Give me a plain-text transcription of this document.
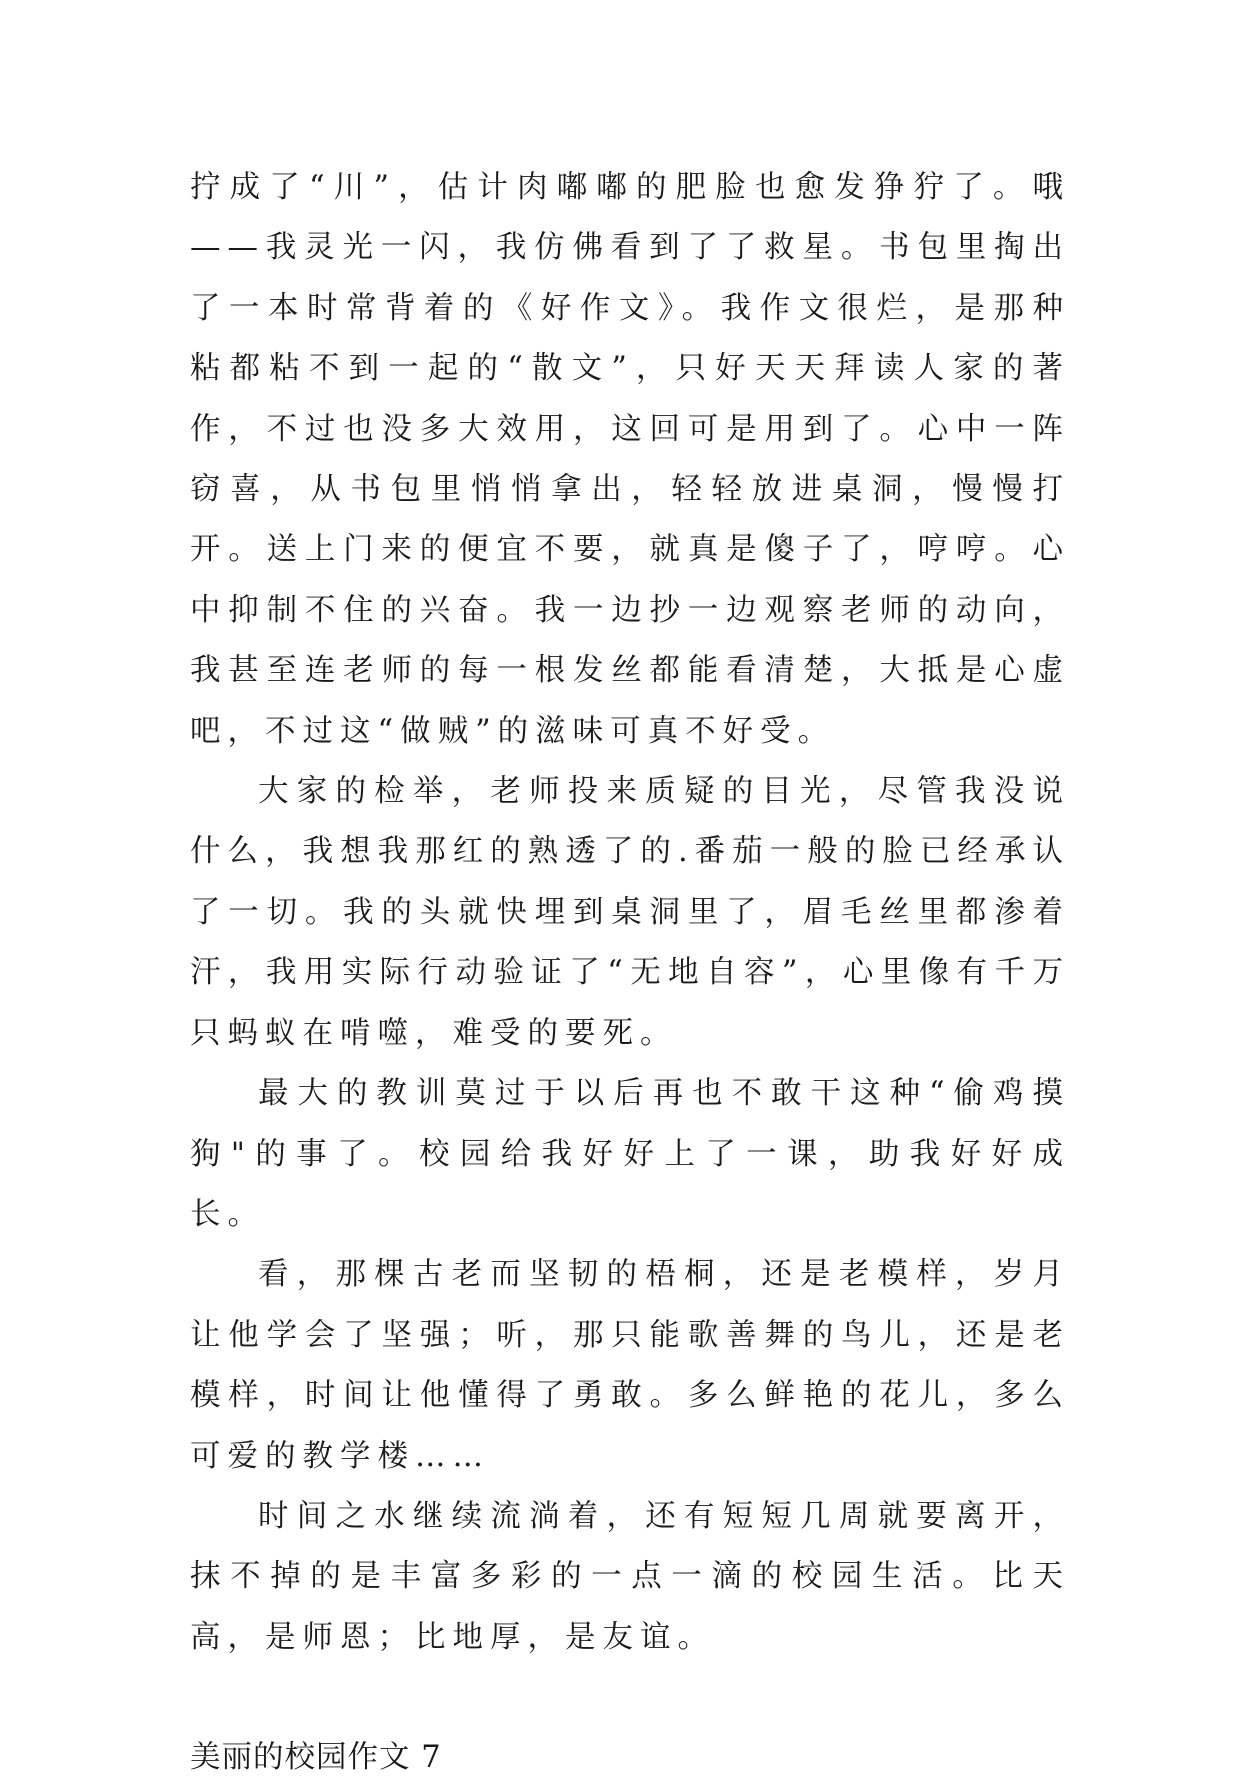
拧成了“川”，估计肉嘟嘟的肥脸也愈发狰狞了。哦——我灵光一闪，我仿佛看到了了救星。书包里掏出了一本时常背着的《好作文》。我作文很烂，是那种粘都粘不到一起的“散文”，只好天天拜读人家的著作，不过也没多大效用，这回可是用到了。心中一阵窃喜，从书包里悄悄拿出，轻轻放进桌洞，慢慢打开。送上门来的便宜不要，就真是傻子了，哼哼。心中抑制不住的兴奋。我一边抄一边观察老师的动向，我甚至连老师的每一根发丝都能看清楚，大抵是心虚吧，不过这“做贼”的滋味可真不好受。

大家的检举，老师投来质疑的目光，尽管我没说什么，我想我那红的熟透了的.番茄一般的脸已经承认了一切。我的头就快埋到桌洞里了，眉毛丝里都渗着汗，我用实际行动验证了“无地自容”，心里像有千万只蚂蚁在啃噬，难受的要死。

最大的教训莫过于以后再也不敢干这种“偷鸡摸狗"的事了。校园给我好好上了一课，助我好好成长。

看，那棵古老而坚韧的梧桐，还是老模样，岁月让他学会了坚强；听，那只能歌善舞的鸟儿，还是老模样，时间让他懂得了勇敢。多么鲜艳的花儿，多么可爱的教学楼……

时间之水继续流淌着，还有短短几周就要离开，抹不掉的是丰富多彩的一点一滴的校园生活。比天高，是师恩；比地厚，是友谊。

美丽的校园作文 7
